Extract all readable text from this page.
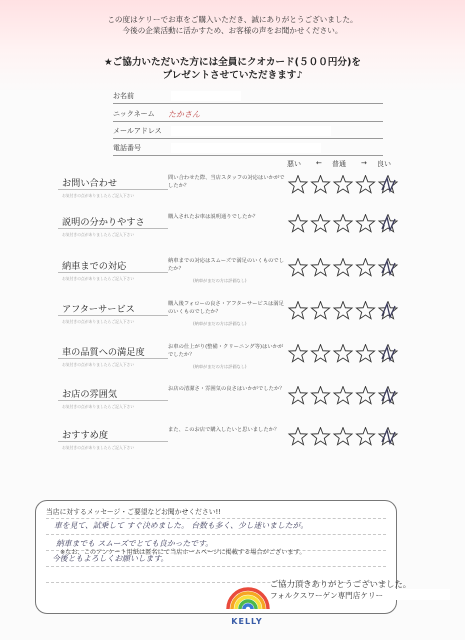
この度はケリーでお車をご購入いただき、誠にありがとうございました。
今後の企業活動に活かすため、お客様の声をお聞かせください。
★ご協力いただいた方には全員にクオカード(５００円分)を
プレゼントさせていただきます♪
お名前
ニックネーム たかさん
メールアドレス
電話番号
悪い ← 普通 → 良い
お問い合わせ
お気付きの点がありましたらご記入下さい
問い合わせた際、当店スタッフの対応はいかがでしたか？
説明の分かりやすさ
お気付きの点がありましたらご記入下さい
購入されたお車は説明通りでしたか？
納車までの対応
お気付きの点がありましたらご記入下さい
納車までの対応はスムーズで満足のいくものでしたか？
(納車がまだの方は評価なし)
アフターサービス
お気付きの点がありましたらご記入下さい
購入後フォローの良さ・アフターサービスは満足のいくものでしたか？
(納車がまだの方は評価なし)
車の品質への満足度
お気付きの点がありましたらご記入下さい
お車の仕上がり(整備・クリーニング等)はいかがでしたか？
(納車がまだの方は評価なし)
お店の雰囲気
お気付きの点がありましたらご記入下さい
お店の清潔さ・雰囲気の良さはいかがでしたか？
おすすめ度
お気付きの点がありましたらご記入下さい
また、このお店で購入したいと思いましたか？
当店に対するメッセージ・ご要望などお聞かせください!!
車を見て、試乗して すぐ決めました。 台数も多く、少し迷いましたが。
納車までも スムーズでとても良かったです。
今後ともよろしくお願いします。
※なお、このアンケート用紙は匿名にて当店ホームページに掲載する場合がございます。
KELLY
ご協力頂きありがとうございました。
フォルクスワーゲン専門店ケリー
